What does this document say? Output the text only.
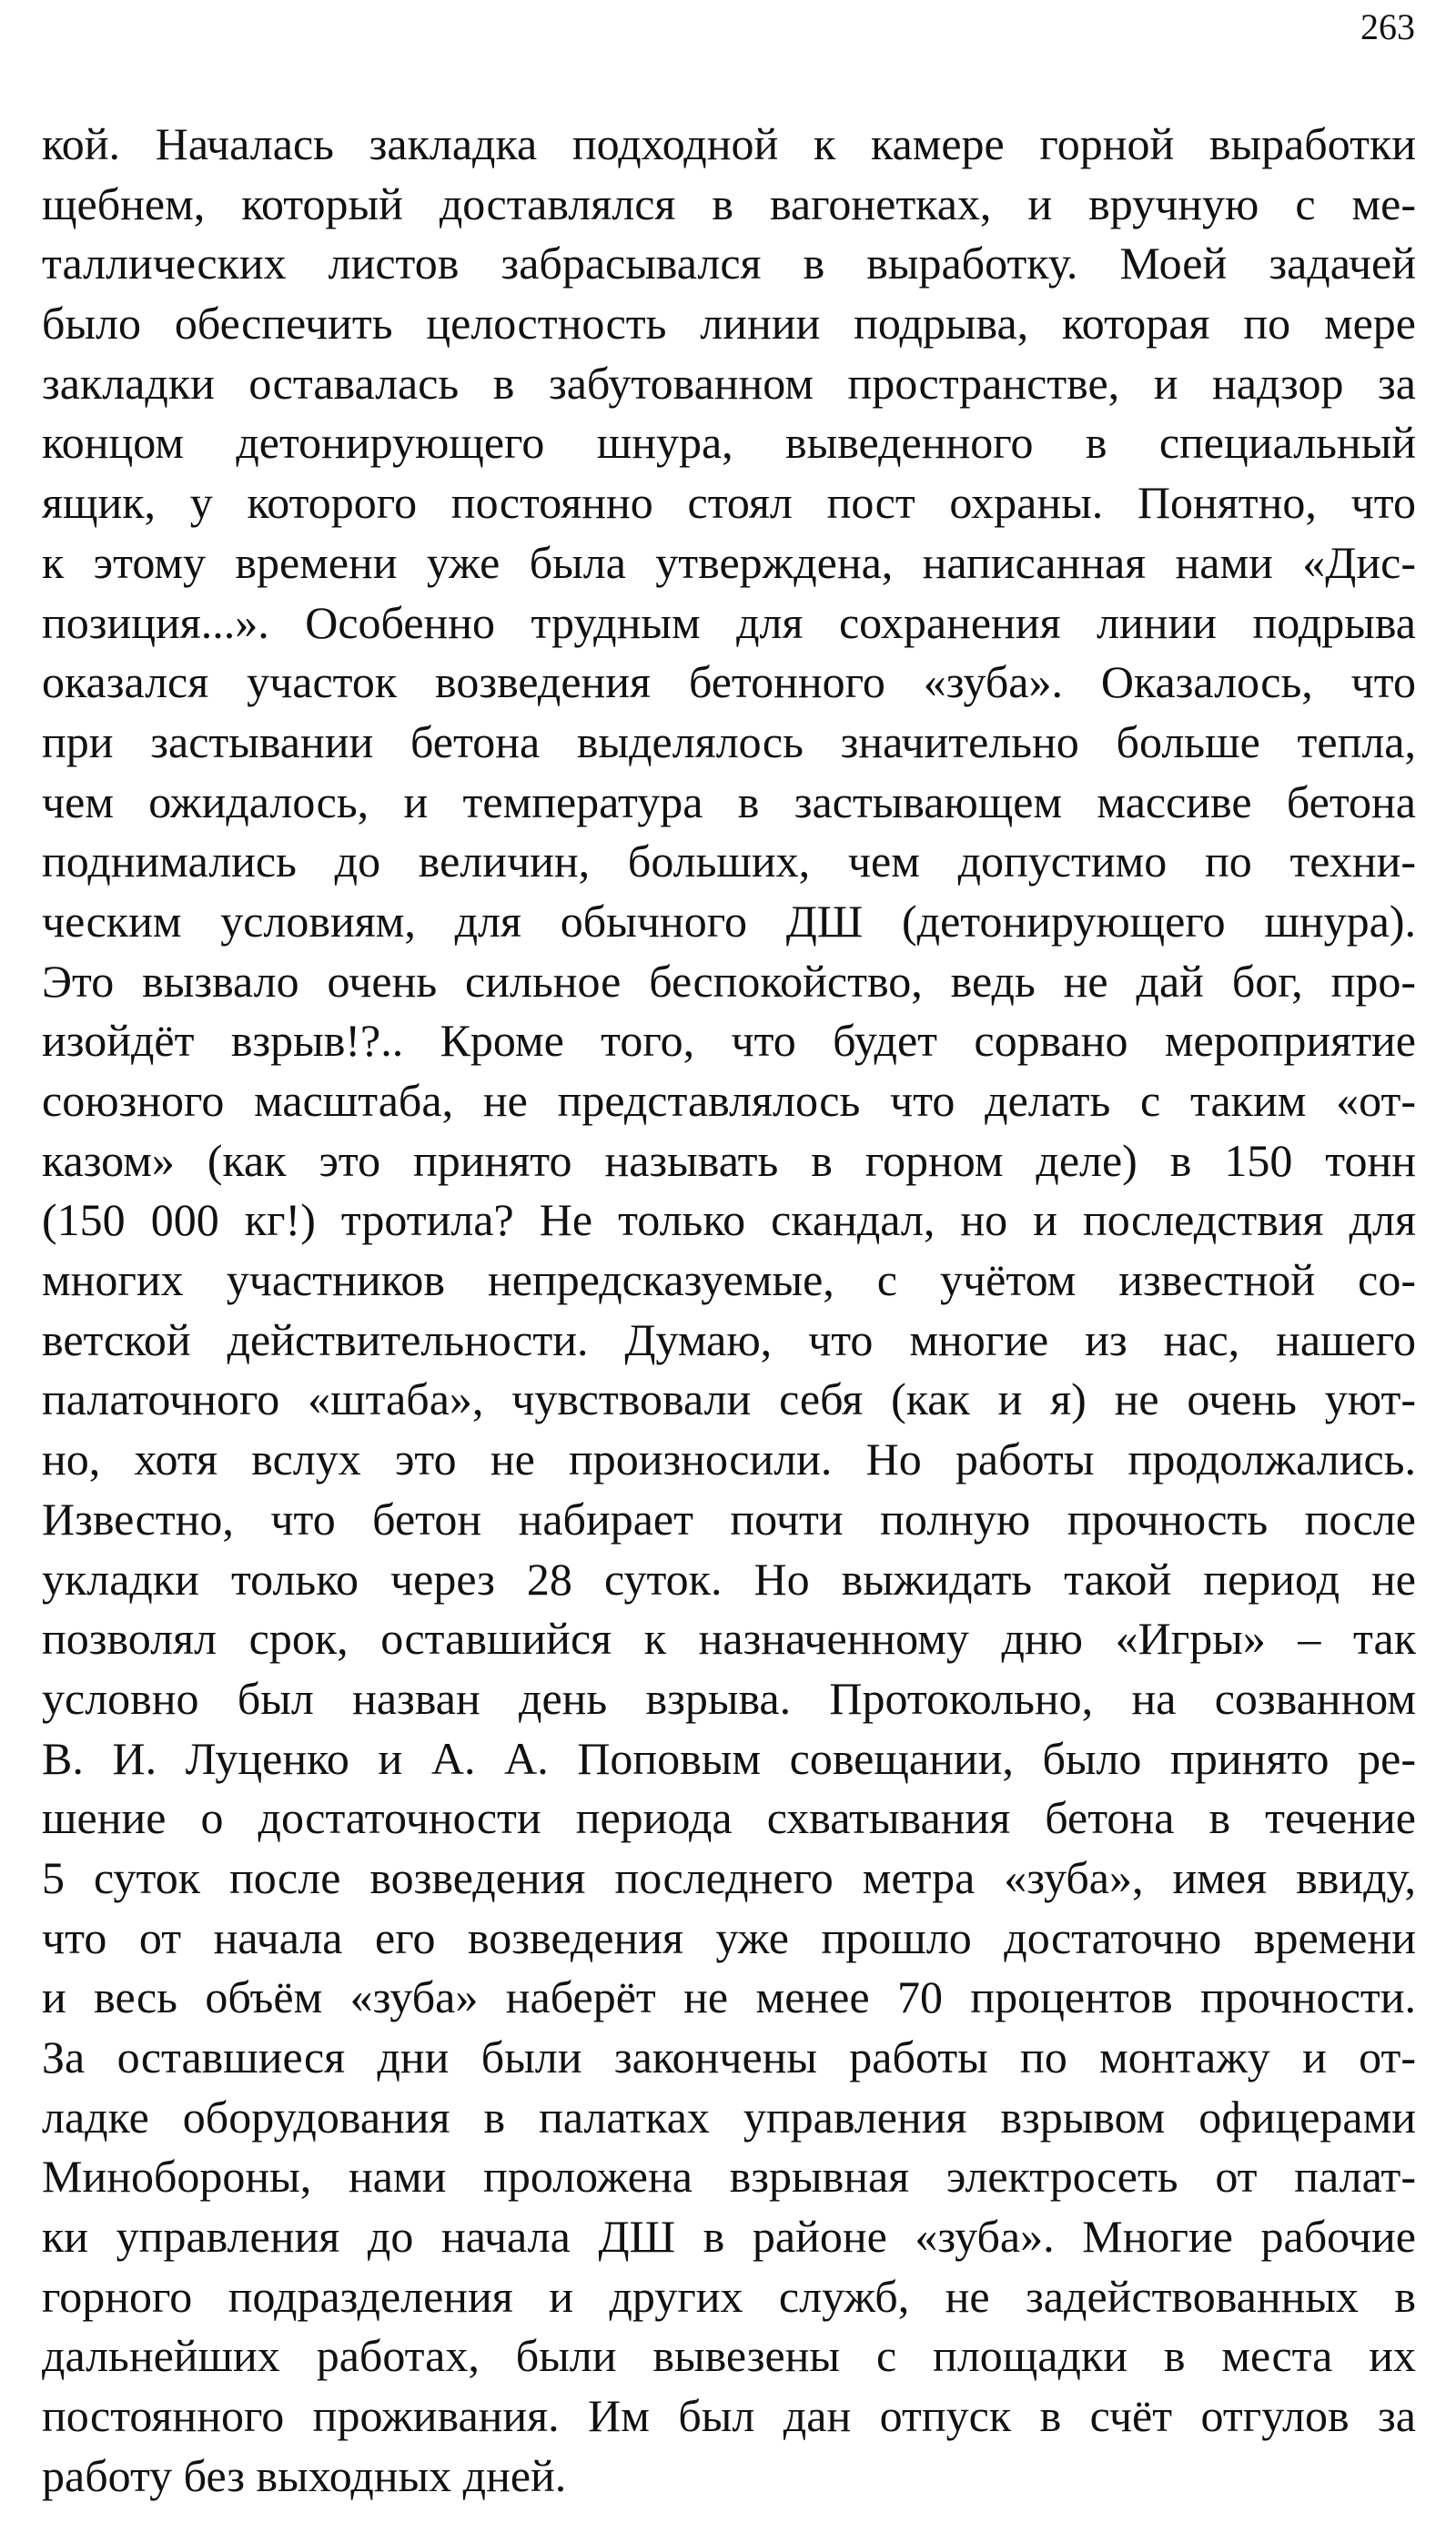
263
кой. Началась закладка подходной к камере горной выработки
щебнем, который доставлялся в вагонетках, и вручную с ме-
таллических листов забрасывался в выработку. Моей задачей
было обеспечить целостность линии подрыва, которая по мере
закладки оставалась в забутованном пространстве, и надзор за
концом детонирующего шнура, выведенного в специальный
ящик, у которого постоянно стоял пост охраны. Понятно, что
к этому времени уже была утверждена, написанная нами «Дис-
позиция...». Особенно трудным для сохранения линии подрыва
оказался участок возведения бетонного «зуба». Оказалось, что
при застывании бетона выделялось значительно больше тепла,
чем ожидалось, и температура в застывающем массиве бетона
поднимались до величин, больших, чем допустимо по техни-
ческим условиям, для обычного ДШ (детонирующего шнура).
Это вызвало очень сильное беспокойство, ведь не дай бог, про-
изойдёт взрыв!?.. Кроме того, что будет сорвано мероприятие
союзного масштаба, не представлялось что делать с таким «от-
казом» (как это принято называть в горном деле) в 150 тонн
(150 000 кг!) тротила? Не только скандал, но и последствия для
многих участников непредсказуемые, с учётом известной со-
ветской действительности. Думаю, что многие из нас, нашего
палаточного «штаба», чувствовали себя (как и я) не очень уют-
но, хотя вслух это не произносили. Но работы продолжались.
Известно, что бетон набирает почти полную прочность после
укладки только через 28 суток. Но выжидать такой период не
позволял срок, оставшийся к назначенному дню «Игры» – так
условно был назван день взрыва. Протокольно, на созванном
В. И. Луценко и А. А. Поповым совещании, было принято ре-
шение о достаточности периода схватывания бетона в течение
5 суток после возведения последнего метра «зуба», имея ввиду,
что от начала его возведения уже прошло достаточно времени
и весь объём «зуба» наберёт не менее 70 процентов прочности.
За оставшиеся дни были закончены работы по монтажу и от-
ладке оборудования в палатках управления взрывом офицерами
Минобороны, нами проложена взрывная электросеть от палат-
ки управления до начала ДШ в районе «зуба». Многие рабочие
горного подразделения и других служб, не задействованных в
дальнейших работах, были вывезены с площадки в места их
постоянного проживания. Им был дан отпуск в счёт отгулов за
работу без выходных дней.
